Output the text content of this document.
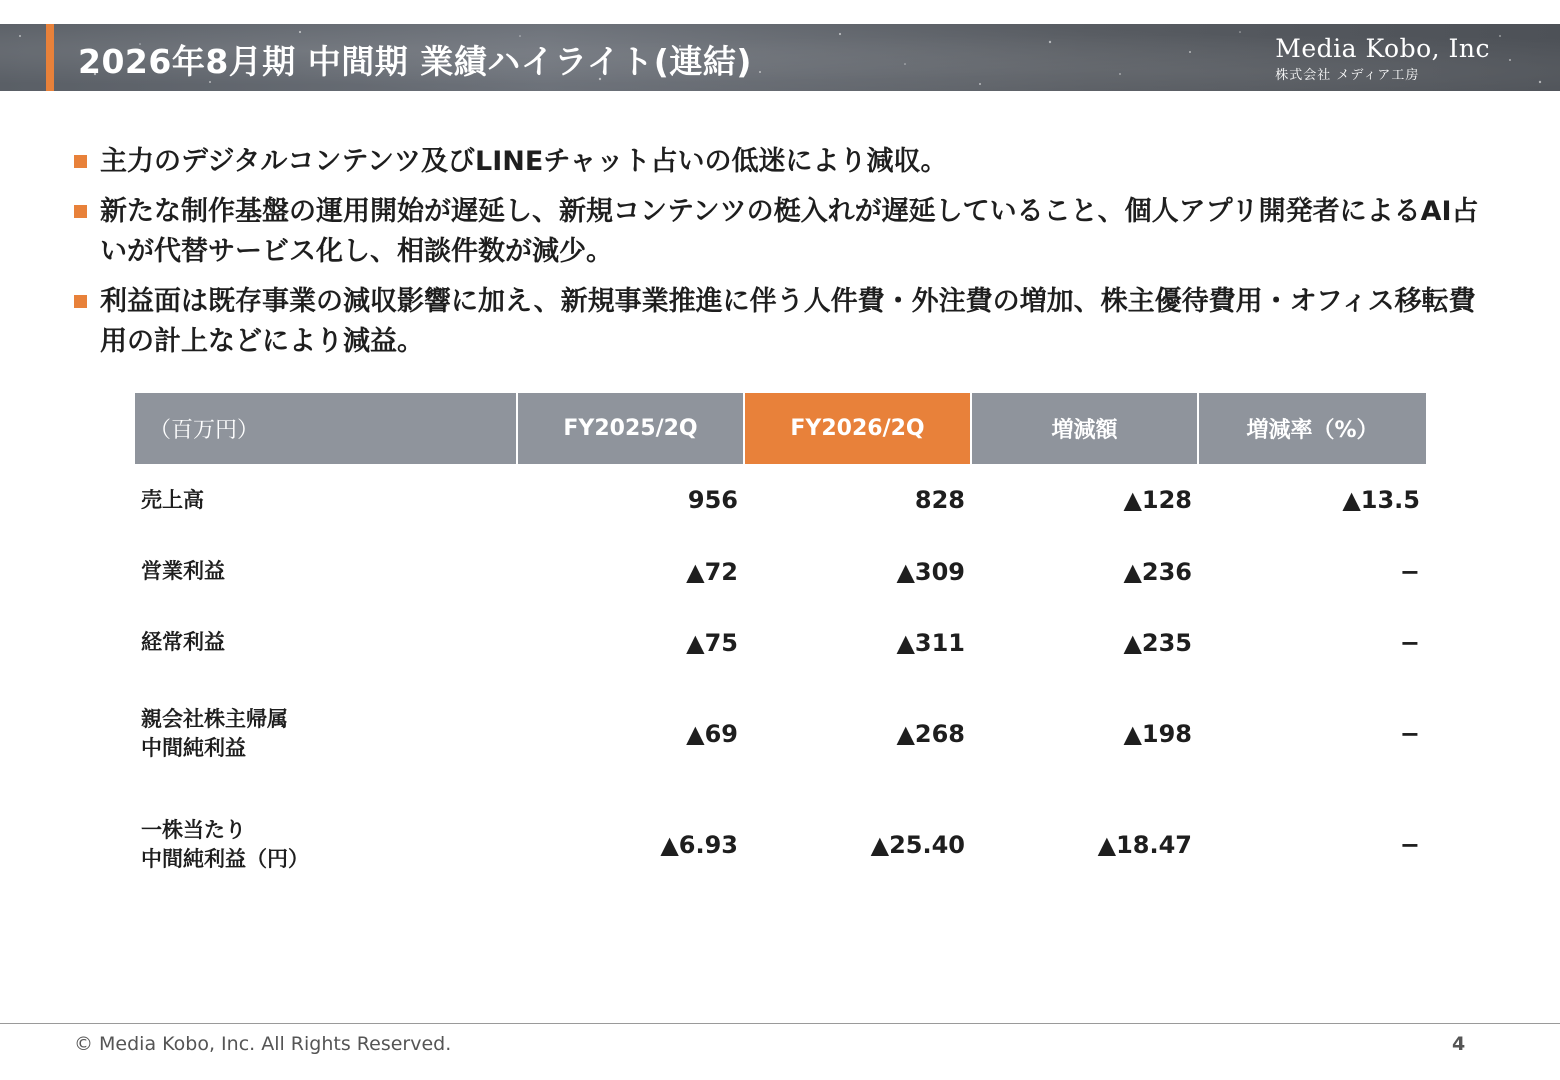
2026年8月期 中間期 業績ハイライト(連結)	Media Kobo, Inc
株式会社 メディア工房
主力のデジタルコンテンツ及びLINEチャット占いの低迷により減収。
新たな制作基盤の運用開始が遅延し、新規コンテンツの梃入れが遅延していること、個人アプリ開発者によるAI占いが代替サービス化し、相談件数が減少。
利益面は既存事業の減収影響に加え、新規事業推進に伴う人件費・外注費の増加、株主優待費用・オフィス移転費用の計上などにより減益。
（百万円）	FY2025/2Q	FY2026/2Q	増減額	増減率（%）

売上高	956	828	▲128	▲13.5

営業利益	▲72	▲309	▲236	−

経常利益	▲75	▲311	▲235	−

親会社株主帰属
中間純利益	▲69	▲268	▲198	−

一株当たり
中間純利益（円）	▲6.93	▲25.40	▲18.47	−
© Media Kobo, Inc. All Rights Reserved.	4
